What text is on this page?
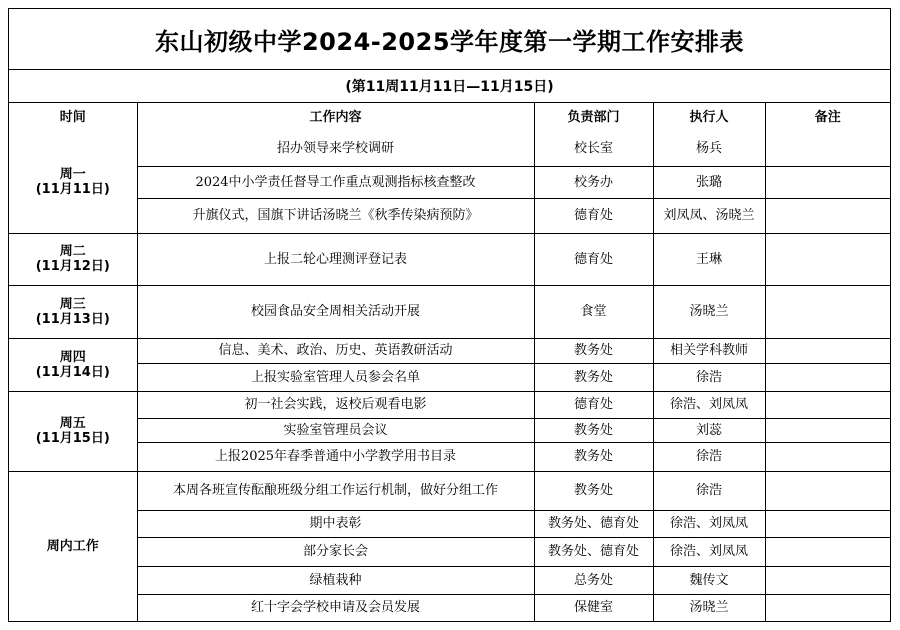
东山初级中学2024-2025学年度第一学期工作安排表
(第11周11月11日—11月15日)
时间	工作内容	负责部门	执行人	备注

周一
(11月11日)	招办领导来学校调研	校长室	杨兵	
	2024中小学责任督导工作重点观测指标核查整改	校务办	张璐	
	升旗仪式，国旗下讲话汤晓兰《秋季传染病预防》	德育处	刘凤凤、汤晓兰	

周二
(11月12日)	上报二轮心理测评登记表	德育处	王琳	

周三
(11月13日)	校园食品安全周相关活动开展	食堂	汤晓兰	

周四
(11月14日)	信息、美术、政治、历史、英语教研活动	教务处	相关学科教师	
	上报实验室管理人员参会名单	教务处	徐浩	

周五
(11月15日)	初一社会实践，返校后观看电影	德育处	徐浩、刘凤凤	
	实验室管理员会议	教务处	刘蕊	
	上报2025年春季普通中小学教学用书目录	教务处	徐浩	

周内工作	本周各班宣传酝酿班级分组工作运行机制，做好分组工作	教务处	徐浩	
	期中表彰	教务处、德育处	徐浩、刘凤凤	
	部分家长会	教务处、德育处	徐浩、刘凤凤	
	绿植栽种	总务处	魏传文	
	红十字会学校申请及会员发展	保健室	汤晓兰	
